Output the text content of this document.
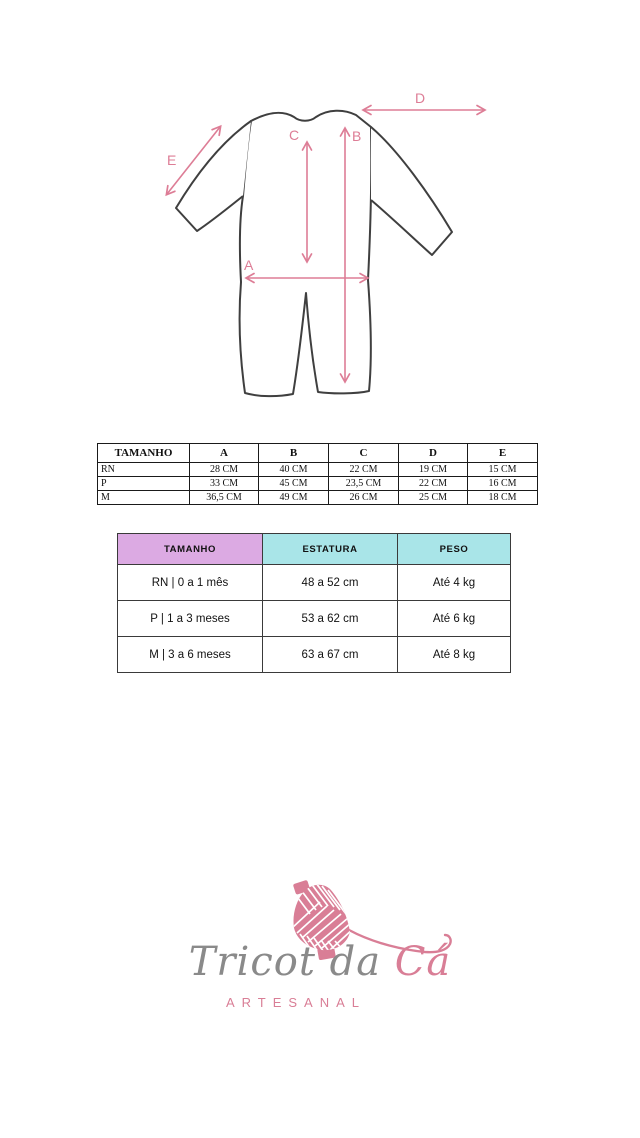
A
B
C
D
E
TAMANHO	A	B	C	D	E
RN	28 CM	40 CM	22 CM	19 CM	15 CM
P	33 CM	45 CM	23,5 CM	22 CM	16 CM
M	36,5 CM	49 CM	26 CM	25 CM	18 CM
TAMANHO	ESTATURA	PESO
RN | 0 a 1 mês	48 a 52 cm	Até 4 kg
P | 1 a 3 meses	53 a 62 cm	Até 6 kg
M | 3 a 6 meses	63 a 67 cm	Até 8 kg
Tricot da Cá
ARTESANAL
